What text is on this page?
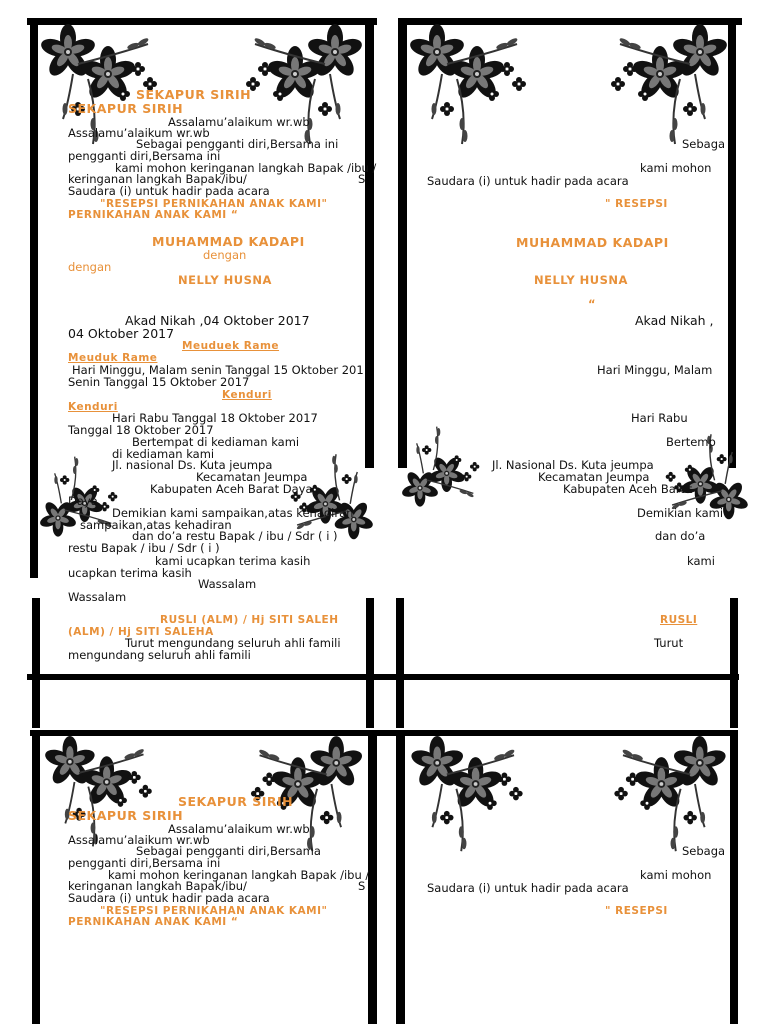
SEKAPUR SIRIH
SEKAPUR SIRIH
Assalamu’alaikum wr.wb
Assalamu’alaikum wr.wb
Sebagai pengganti diri,Bersama ini
pengganti diri,Bersama ini
kami mohon keringanan langkah Bapak /ibu /
keringanan langkah Bapak/ibu/	S
Saudara (i) untuk hadir pada acara
"RESEPSI PERNIKAHAN ANAK KAMI"
PERNIKAHAN ANAK KAMI “
MUHAMMAD KADAPI
dengan
dengan
NELLY HUSNA
Akad Nikah ,04 Oktober 2017
04 Oktober 2017
Meuduek Rame
Meuduk Rame
Hari Minggu, Malam senin Tanggal 15 Oktober 201
Senin Tanggal 15 Oktober 2017
Kenduri
Kenduri
Hari Rabu Tanggal 18 Oktober 2017
Tanggal 18 Oktober 2017
Bertempat di kediaman kami
di kediaman kami
Jl. nasional Ds. Kuta jeumpa
Kecamatan Jeumpa
Kabupaten Aceh Barat Daya
Daya
Demikian kami sampaikan,atas kehadiran
sampaikan,atas kehadiran
dan do’a restu Bapak / ibu / Sdr ( i )
restu Bapak / ibu / Sdr ( i )
kami ucapkan terima kasih
ucapkan terima kasih
Wassalam
Wassalam
RUSLI (ALM) / Hj SITI SALEH
(ALM) / Hj SITI SALEHA
Turut mengundang seluruh ahli famili
mengundang seluruh ahli famili
Sebaga
kami mohon
Saudara (i) untuk hadir pada acara
" RESEPSI
MUHAMMAD KADAPI
NELLY HUSNA
“
Akad Nikah ,
Hari Minggu, Malam
Hari Rabu
Bertemp
Jl. Nasional Ds. Kuta jeumpa
Kecamatan Jeumpa
Kabupaten Aceh Barat
Demikian kami
dan do’a
kami
RUSLI
Turut
SEKAPUR SIRIH
SEKAPUR SIRIH
Assalamu’alaikum wr.wb
Assalamu’alaikum wr.wb
Sebagai pengganti diri,Bersama
pengganti diri,Bersama ini
kami mohon keringanan langkah Bapak /ibu /
keringanan langkah Bapak/ibu/	S
Saudara (i) untuk hadir pada acara
"RESEPSI PERNIKAHAN ANAK KAMI"
PERNIKAHAN ANAK KAMI “
Sebaga
kami mohon
Saudara (i) untuk hadir pada acara
" RESEPSI
